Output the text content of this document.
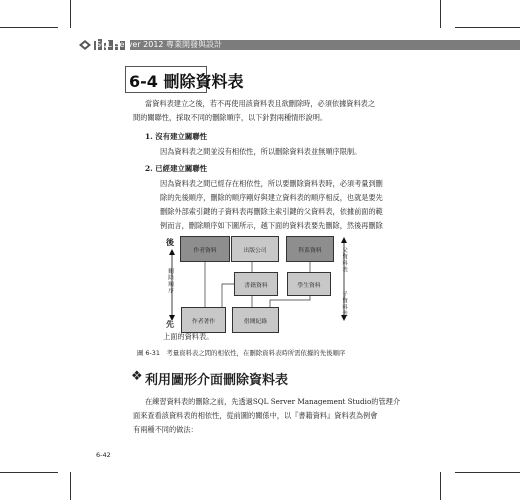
SQL Server 2012 專業開發與設計
6-4 刪除資料表
當資料表建立之後，若不再使用該資料表且欲刪除時，必須依據資料表之
間的關聯性，採取不同的刪除順序，以下針對兩種情形說明。
1. 沒有建立關聯性
因為資料表之間並沒有相依性，所以刪除資料表並無順序限制。
2. 已經建立關聯性
因為資料表之間已經存在相依性，所以要刪除資料表時，必須考量到刪
除的先後順序，刪除的順序剛好與建立資料表的順序相反，也就是要先
刪除外部索引鍵的子資料表再刪除主索引鍵的父資料表，依據前面的範
例而言，刪除順序如下圖所示，越下面的資料表要先刪除，然後再刪除
作者資料	出版公司	科系資料
書籍資料	學生資料
作者著作	借閱紀錄
後
先
刪除順序
父資料表
子資料表
上面的資料表。
圖 6-31　考量資料表之間的相依性，在刪除資料表時所需依據的先後順序
❖ 利用圖形介面刪除資料表
在練習資料表的刪除之前，先透過SQL Server Management Studio的管理介
面來查看該資料表的相依性，從前圖的關係中，以『書籍資料』資料表為例會
有兩種不同的做法：
6-42
